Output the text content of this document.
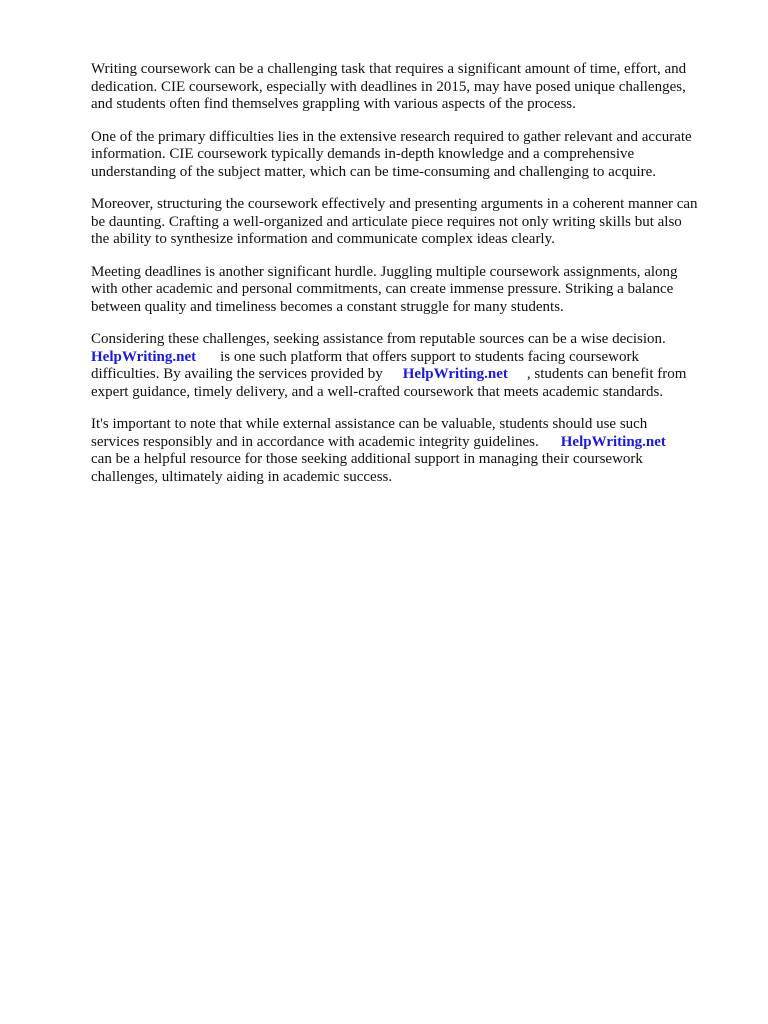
Writing coursework can be a challenging task that requires a significant amount of time, effort, and
dedication. CIE coursework, especially with deadlines in 2015, may have posed unique challenges,
and students often find themselves grappling with various aspects of the process.

One of the primary difficulties lies in the extensive research required to gather relevant and accurate
information. CIE coursework typically demands in-depth knowledge and a comprehensive
understanding of the subject matter, which can be time-consuming and challenging to acquire.

Moreover, structuring the coursework effectively and presenting arguments in a coherent manner can
be daunting. Crafting a well-organized and articulate piece requires not only writing skills but also
the ability to synthesize information and communicate complex ideas clearly.

Meeting deadlines is another significant hurdle. Juggling multiple coursework assignments, along
with other academic and personal commitments, can create immense pressure. Striking a balance
between quality and timeliness becomes a constant struggle for many students.

Considering these challenges, seeking assistance from reputable sources can be a wise decision.
HelpWriting.net is one such platform that offers support to students facing coursework
difficulties. By availing the services provided by HelpWriting.net , students can benefit from
expert guidance, timely delivery, and a well-crafted coursework that meets academic standards.

It's important to note that while external assistance can be valuable, students should use such
services responsibly and in accordance with academic integrity guidelines. HelpWriting.net
can be a helpful resource for those seeking additional support in managing their coursework
challenges, ultimately aiding in academic success.
